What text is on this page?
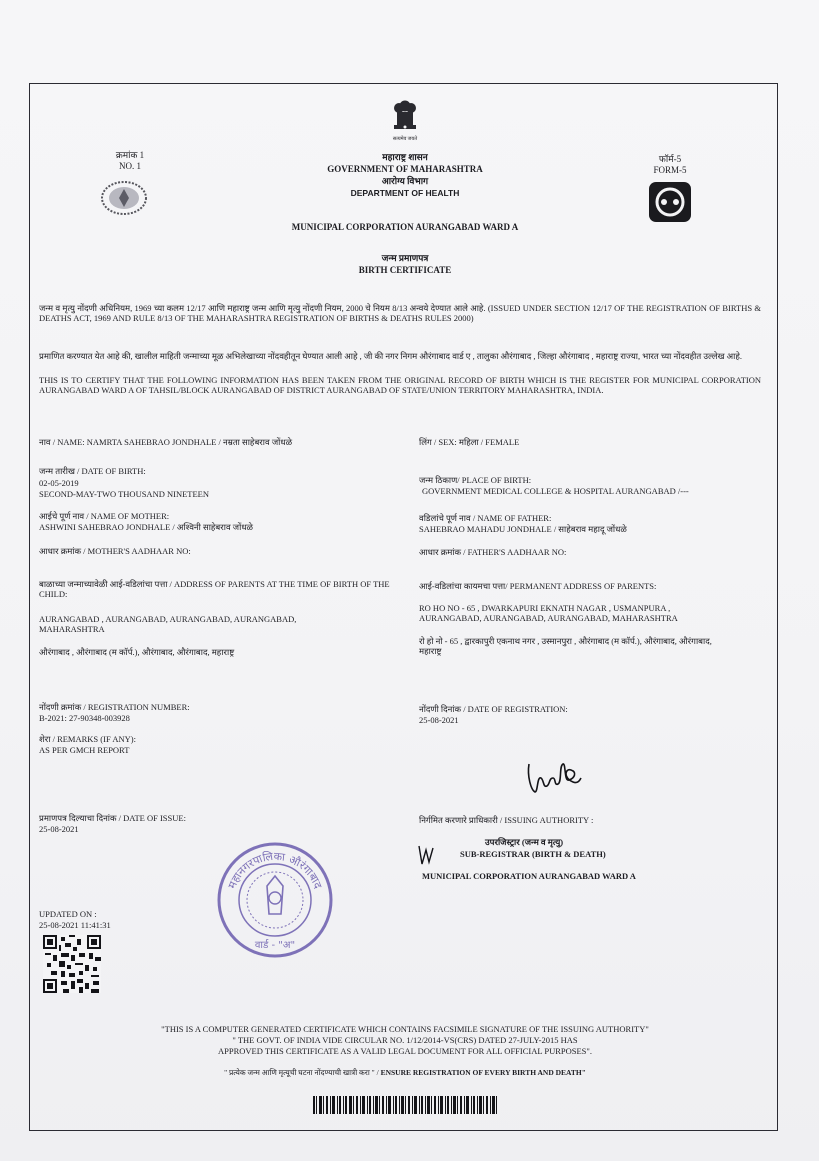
सत्यमेव जयते
क्रमांक 1
NO. 1
महाराष्ट्र शासन
GOVERNMENT OF MAHARASHTRA
आरोग्य विभाग
DEPARTMENT OF HEALTH
फॉर्म-5
FORM-5
MUNICIPAL CORPORATION AURANGABAD WARD A
जन्म प्रमाणपत्र
BIRTH CERTIFICATE
जन्म व मृत्यु नोंदणी अधिनियम, 1969 च्या कलम 12/17 आणि महाराष्ट्र जन्म आणि मृत्यु नोंदणी नियम, 2000 चे नियम 8/13 अन्वये देण्यात आले आहे. (ISSUED UNDER SECTION 12/17 OF THE REGISTRATION OF BIRTHS & DEATHS ACT, 1969 AND RULE 8/13 OF THE MAHARASHTRA REGISTRATION OF BIRTHS & DEATHS RULES 2000)
प्रमाणित करण्यात येत आहे की, खालील माहिती जन्माच्या मूळ अभिलेखाच्या नोंदवहीतून घेण्यात आली आहे , जी की नगर निगम औरंगाबाद वार्ड ए , तालुका औरंगाबाद , जिल्हा औरंगाबाद , महाराष्ट्र राज्या, भारत च्या नोंदवहीत उल्लेख आहे.
THIS IS TO CERTIFY THAT THE FOLLOWING INFORMATION HAS BEEN TAKEN FROM THE ORIGINAL RECORD OF BIRTH WHICH IS THE REGISTER FOR MUNICIPAL CORPORATION AURANGABAD WARD A OF TAHSIL/BLOCK AURANGABAD OF DISTRICT AURANGABAD OF STATE/UNION TERRITORY MAHARASHTRA, INDIA.
नाव / NAME: NAMRTA SAHEBRAO JONDHALE / नम्रता साहेबराव जोंधळे	लिंग / SEX: महिला / FEMALE
जन्म तारीख / DATE OF BIRTH:
02-05-2019
SECOND-MAY-TWO THOUSAND NINETEEN
जन्म ठिकाण/ PLACE OF BIRTH:
GOVERNMENT MEDICAL COLLEGE & HOSPITAL AURANGABAD /---
आईचे पूर्ण नाव / NAME OF MOTHER:
ASHWINI SAHEBRAO JONDHALE / अश्विनी साहेबराव जोंधळे
वडिलांचे पूर्ण नाव / NAME OF FATHER:
SAHEBRAO MAHADU JONDHALE / साहेबराव महादू जोंधळे
आधार क्रमांक / MOTHER'S AADHAAR NO:	आधार क्रमांक / FATHER'S AADHAAR NO:
बाळाच्या जन्माच्यावेळी आई-वडिलांचा पत्ता / ADDRESS OF PARENTS AT THE TIME OF BIRTH OF THE CHILD:
AURANGABAD , AURANGABAD, AURANGABAD, AURANGABAD, MAHARASHTRA
औरंगाबाद , औरंगाबाद (म कॉर्प.), औरंगाबाद, औरंगाबाद, महाराष्ट्र
आई-वडिलांचा कायमचा पत्ता/ PERMANENT ADDRESS OF PARENTS:
RO HO NO - 65 , DWARKAPURI EKNATH NAGAR , USMANPURA , AURANGABAD, AURANGABAD, AURANGABAD, MAHARASHTRA
रो हो नो - 65 , द्वारकापुरी एकनाथ नगर , उस्मानपुरा , औरंगाबाद (म कॉर्प.), औरंगाबाद, औरंगाबाद, महाराष्ट्र
नोंदणी क्रमांक / REGISTRATION NUMBER:
B-2021: 27-90348-003928
नोंदणी दिनांक / DATE OF REGISTRATION:
25-08-2021
शेरा / REMARKS (IF ANY):
AS PER GMCH REPORT
प्रमाणपत्र दिल्याचा दिनांक / DATE OF ISSUE:
25-08-2021
निर्गमित करणारे प्राधिकारी / ISSUING AUTHORITY :
उपरजिस्ट्रार (जन्म व मृत्यु)
SUB-REGISTRAR (BIRTH & DEATH)
MUNICIPAL CORPORATION AURANGABAD WARD A
महानगरपालिका औरंगाबाद
वार्ड - "अ"
UPDATED ON :
25-08-2021 11:41:31
"THIS IS A COMPUTER GENERATED CERTIFICATE WHICH CONTAINS FACSIMILE SIGNATURE OF THE ISSUING AUTHORITY"
" THE GOVT. OF INDIA VIDE CIRCULAR NO. 1/12/2014-VS(CRS) DATED 27-JULY-2015 HAS
APPROVED THIS CERTIFICATE AS A VALID LEGAL DOCUMENT FOR ALL OFFICIAL PURPOSES".
" प्रत्येक जन्म आणि मृत्यूची घटना नोंदण्याची खात्री करा " / ENSURE REGISTRATION OF EVERY BIRTH AND DEATH"
